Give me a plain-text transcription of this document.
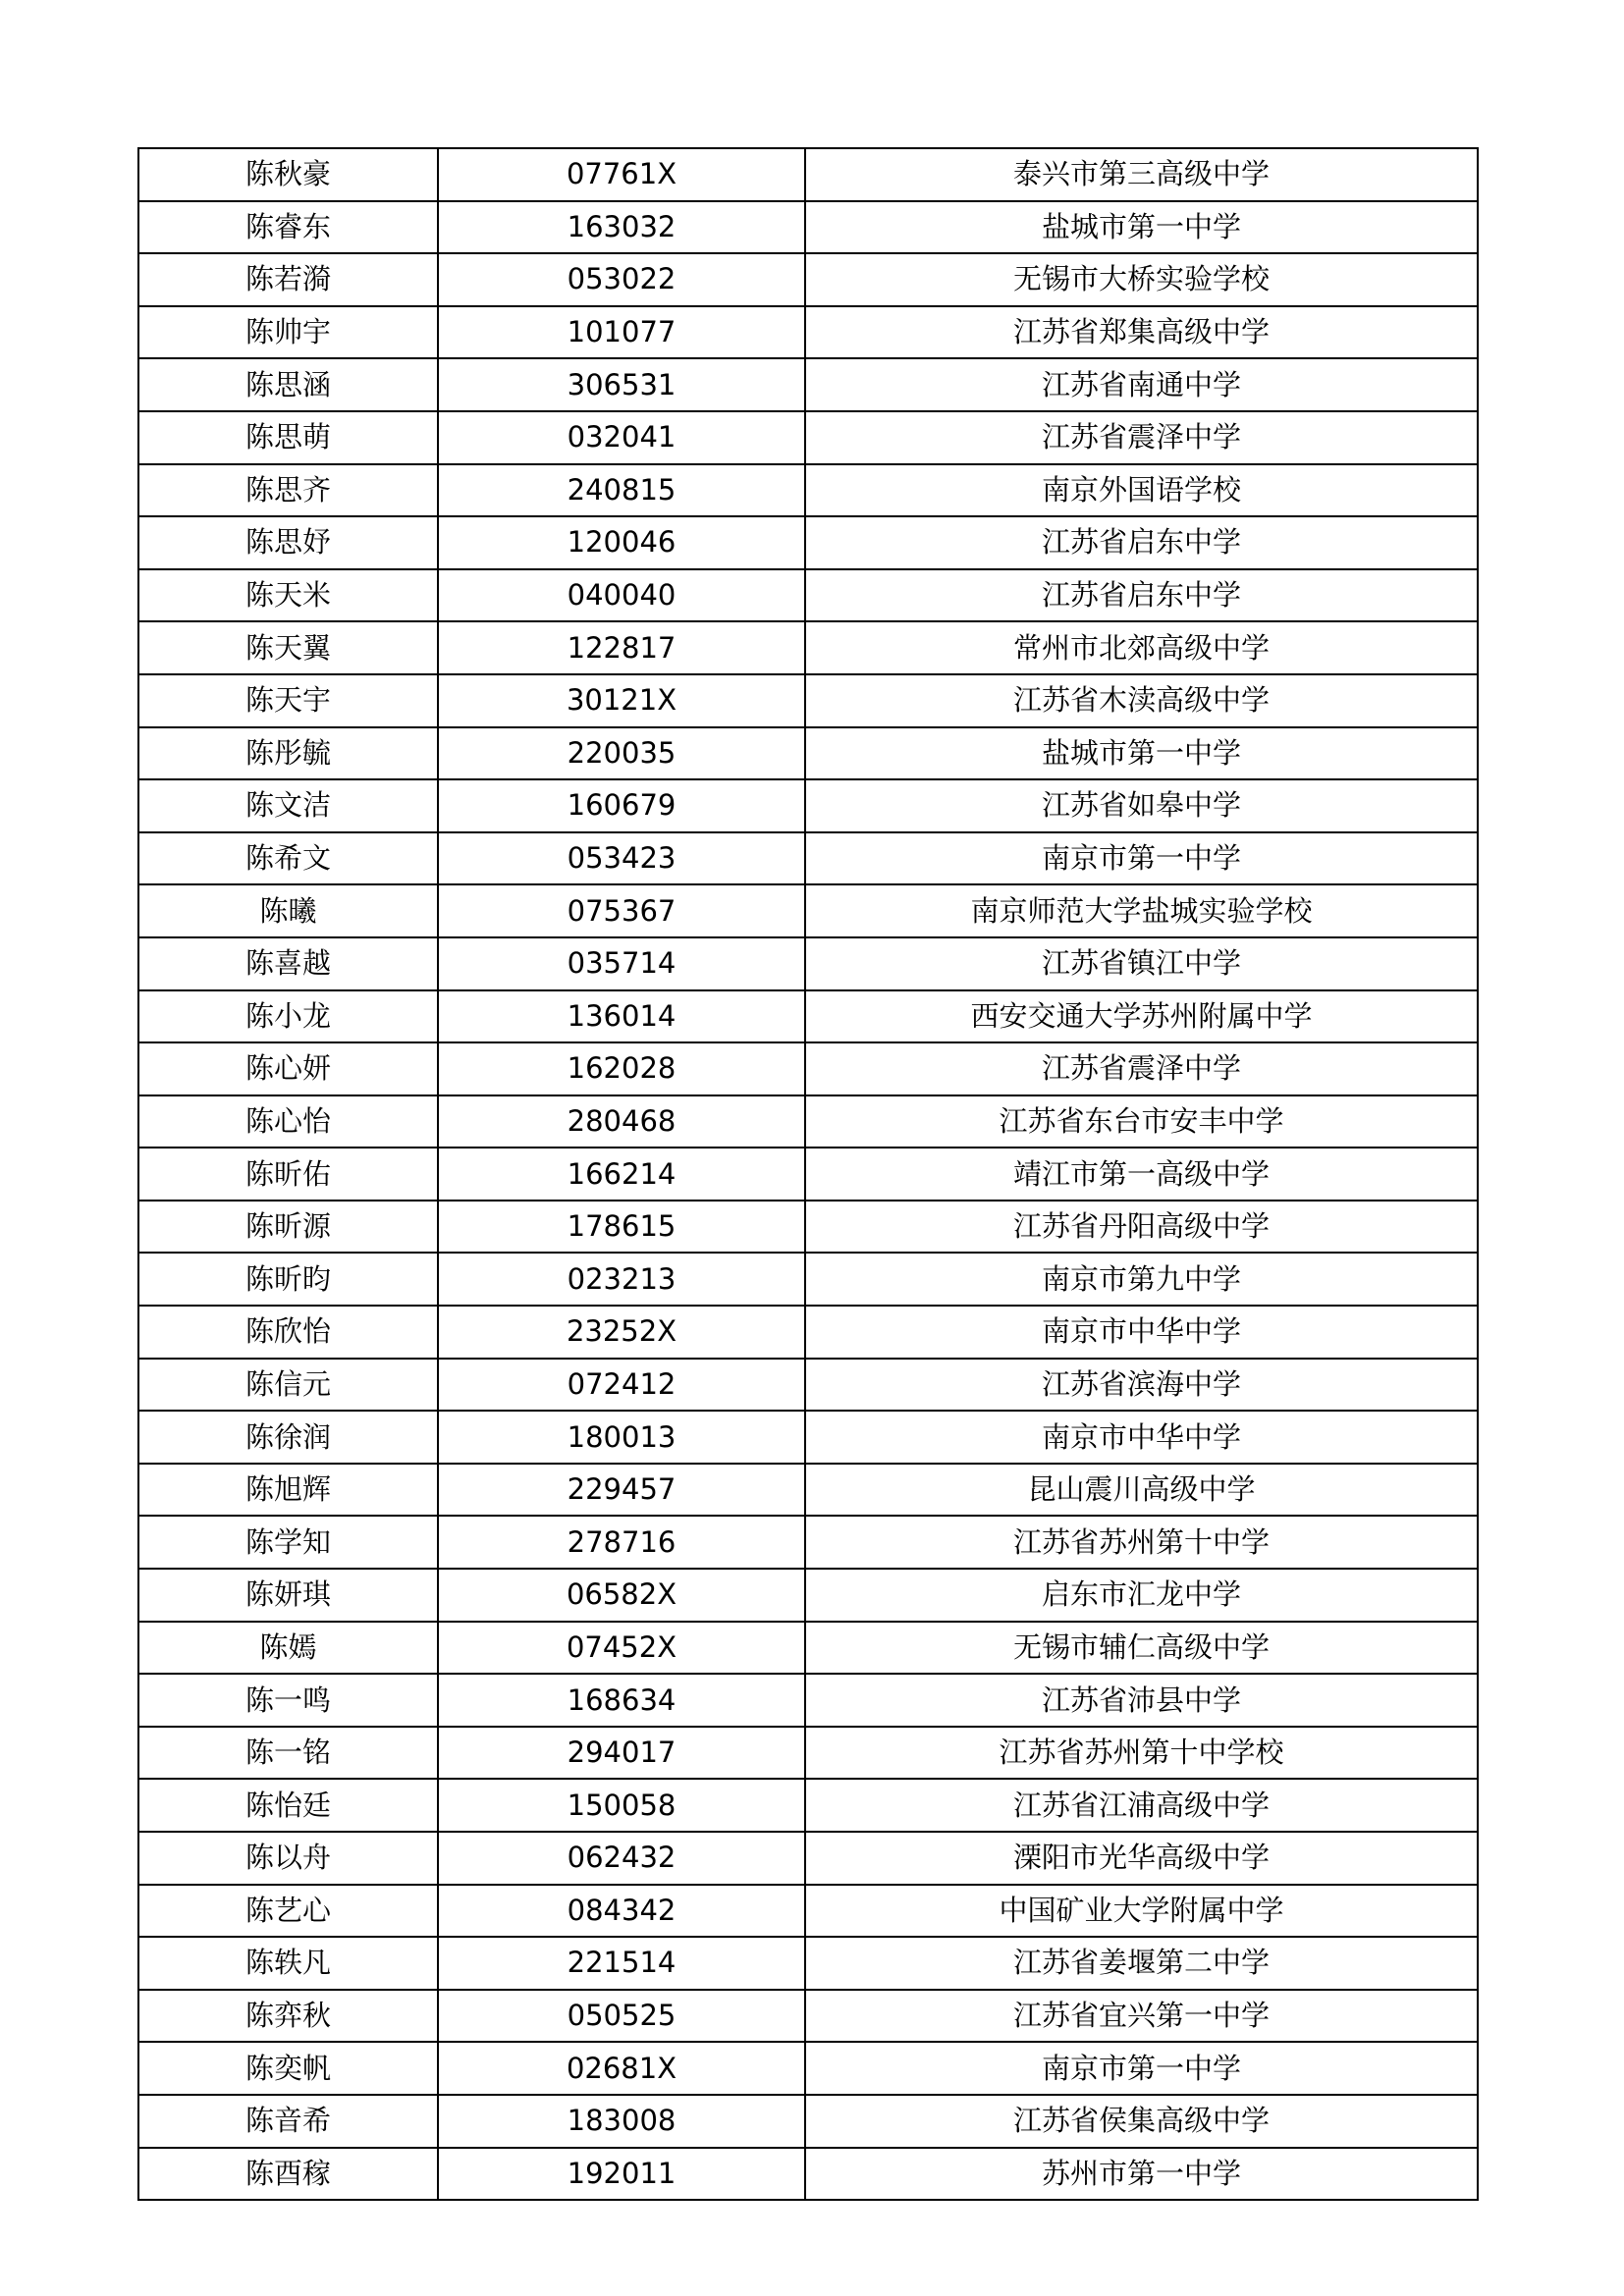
陈秋豪	07761X	泰兴市第三高级中学
陈睿东	163032	盐城市第一中学
陈若漪	053022	无锡市大桥实验学校
陈帅宇	101077	江苏省郑集高级中学
陈思涵	306531	江苏省南通中学
陈思萌	032041	江苏省震泽中学
陈思齐	240815	南京外国语学校
陈思妤	120046	江苏省启东中学
陈天米	040040	江苏省启东中学
陈天翼	122817	常州市北郊高级中学
陈天宇	30121X	江苏省木渎高级中学
陈彤毓	220035	盐城市第一中学
陈文洁	160679	江苏省如皋中学
陈希文	053423	南京市第一中学
陈曦	075367	南京师范大学盐城实验学校
陈喜越	035714	江苏省镇江中学
陈小龙	136014	西安交通大学苏州附属中学
陈心妍	162028	江苏省震泽中学
陈心怡	280468	江苏省东台市安丰中学
陈昕佑	166214	靖江市第一高级中学
陈昕源	178615	江苏省丹阳高级中学
陈昕昀	023213	南京市第九中学
陈欣怡	23252X	南京市中华中学
陈信元	072412	江苏省滨海中学
陈徐润	180013	南京市中华中学
陈旭辉	229457	昆山震川高级中学
陈学知	278716	江苏省苏州第十中学
陈妍琪	06582X	启东市汇龙中学
陈嫣	07452X	无锡市辅仁高级中学
陈一鸣	168634	江苏省沛县中学
陈一铭	294017	江苏省苏州第十中学校
陈怡廷	150058	江苏省江浦高级中学
陈以舟	062432	溧阳市光华高级中学
陈艺心	084342	中国矿业大学附属中学
陈轶凡	221514	江苏省姜堰第二中学
陈弈秋	050525	江苏省宜兴第一中学
陈奕帆	02681X	南京市第一中学
陈音希	183008	江苏省侯集高级中学
陈酉稼	192011	苏州市第一中学
